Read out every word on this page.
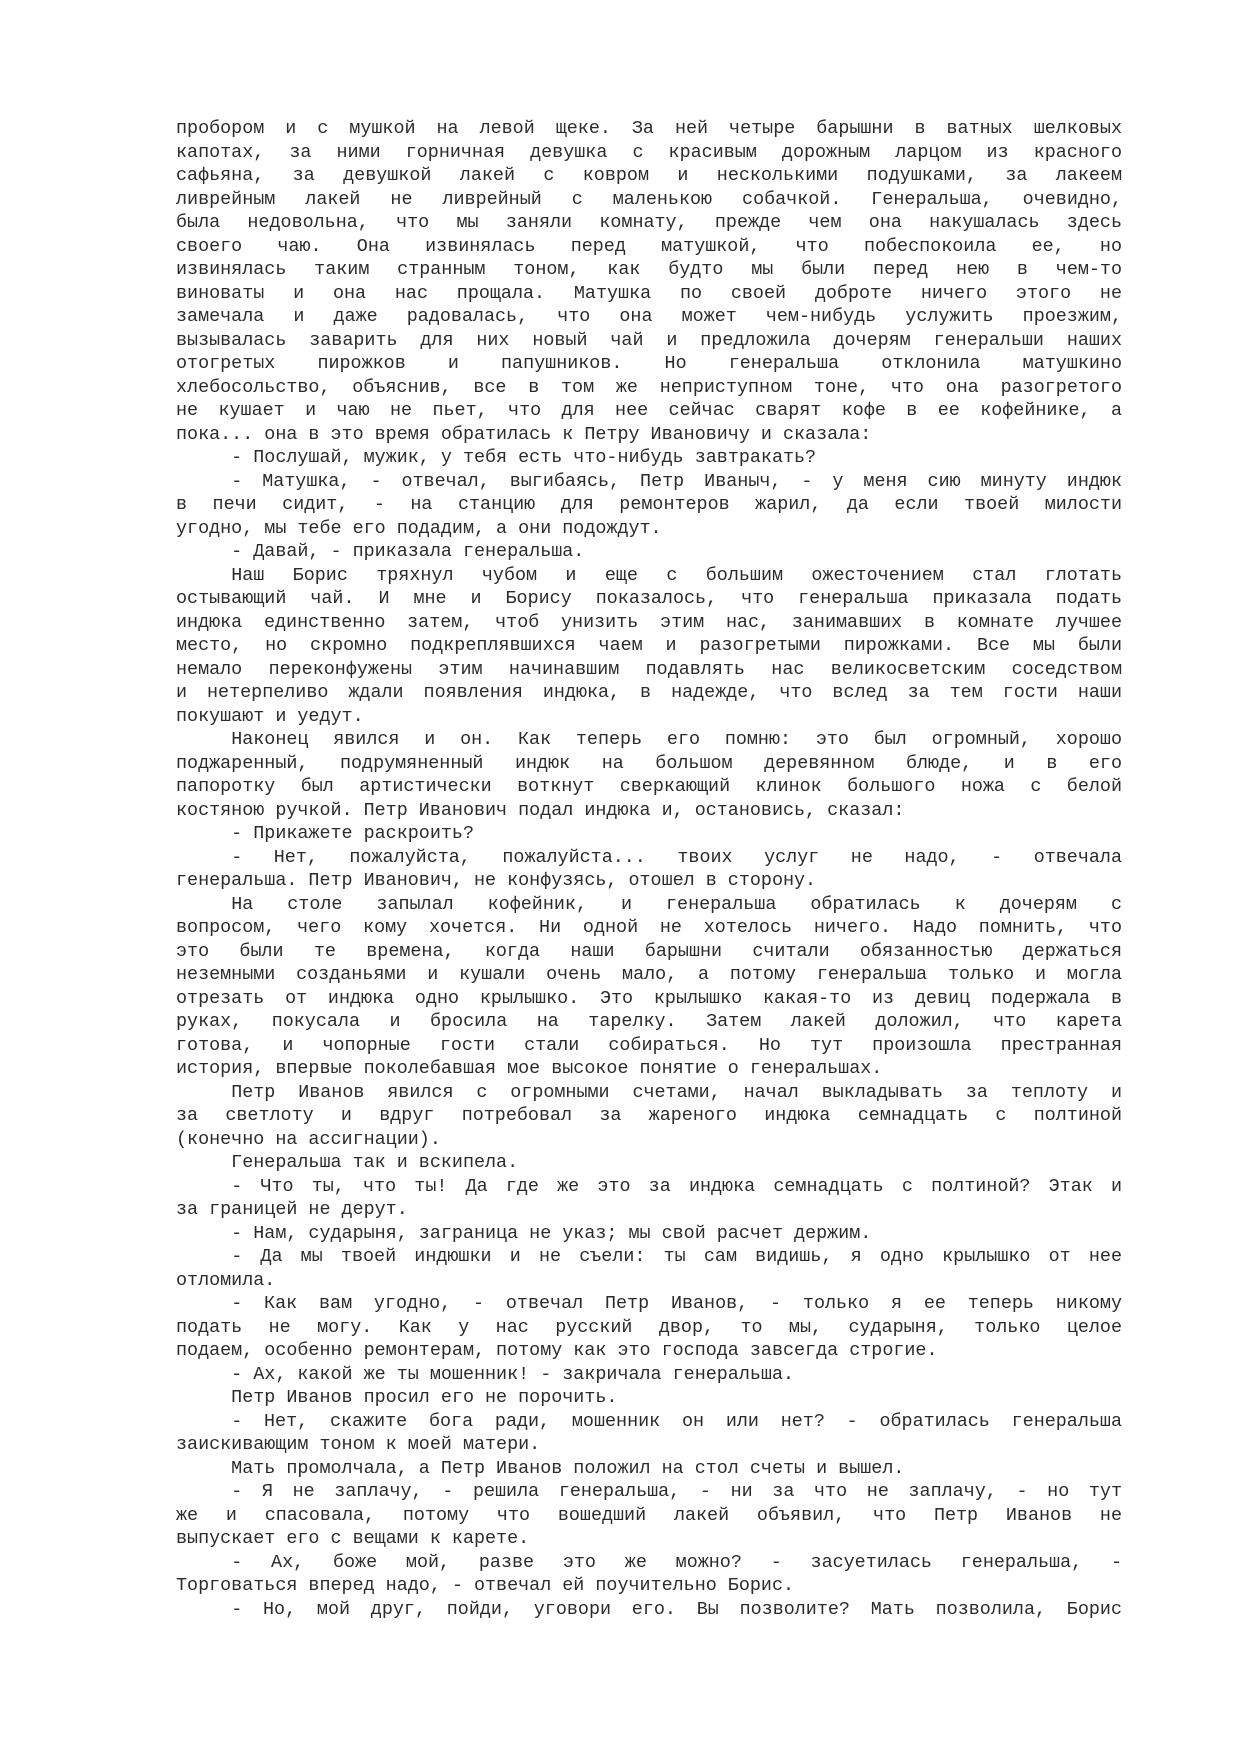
пробором и с мушкой на левой щеке. За ней четыре барышни в ватных шелковых
капотах, за ними горничная девушка с красивым дорожным ларцом из красного
сафьяна, за девушкой лакей с ковром и несколькими подушками, за лакеем
ливрейным лакей не ливрейный с маленькою собачкой. Генеральша, очевидно,
была недовольна, что мы заняли комнату, прежде чем она накушалась здесь
своего чаю. Она извинялась перед матушкой, что побеспокоила ее, но
извинялась таким странным тоном, как будто мы были перед нею в чем-то
виноваты и она нас прощала. Матушка по своей доброте ничего этого не
замечала и даже радовалась, что она может чем-нибудь услужить проезжим,
вызывалась заварить для них новый чай и предложила дочерям генеральши наших
отогретых пирожков и папушников. Но генеральша отклонила матушкино
хлебосольство, объяснив, все в том же неприступном тоне, что она разогретого
не кушает и чаю не пьет, что для нее сейчас сварят кофе в ее кофейнике, а
пока... она в это время обратилась к Петру Ивановичу и сказала:
- Послушай, мужик, у тебя есть что-нибудь завтракать?
- Матушка, - отвечал, выгибаясь, Петр Иваныч, - у меня сию минуту индюк
в печи сидит, - на станцию для ремонтеров жарил, да если твоей милости
угодно, мы тебе его подадим, а они подождут.
- Давай, - приказала генеральша.
Наш Борис тряхнул чубом и еще с большим ожесточением стал глотать
остывающий чай. И мне и Борису показалось, что генеральша приказала подать
индюка единственно затем, чтоб унизить этим нас, занимавших в комнате лучшее
место, но скромно подкреплявшихся чаем и разогретыми пирожками. Все мы были
немало переконфужены этим начинавшим подавлять нас великосветским соседством
и нетерпеливо ждали появления индюка, в надежде, что вслед за тем гости наши
покушают и уедут.
Наконец явился и он. Как теперь его помню: это был огромный, хорошо
поджаренный, подрумяненный индюк на большом деревянном блюде, и в его
папоротку был артистически воткнут сверкающий клинок большого ножа с белой
костяною ручкой. Петр Иванович подал индюка и, остановись, сказал:
- Прикажете раскроить?
- Нет, пожалуйста, пожалуйста... твоих услуг не надо, - отвечала
генеральша. Петр Иванович, не конфузясь, отошел в сторону.
На столе запылал кофейник, и генеральша обратилась к дочерям с
вопросом, чего кому хочется. Ни одной не хотелось ничего. Надо помнить, что
это были те времена, когда наши барышни считали обязанностью держаться
неземными созданьями и кушали очень мало, а потому генеральша только и могла
отрезать от индюка одно крылышко. Это крылышко какая-то из девиц подержала в
руках, покусала и бросила на тарелку. Затем лакей доложил, что карета
готова, и чопорные гости стали собираться. Но тут произошла престранная
история, впервые поколебавшая мое высокое понятие о генеральшах.
Петр Иванов явился с огромными счетами, начал выкладывать за теплоту и
за светлоту и вдруг потребовал за жареного индюка семнадцать с полтиной
(конечно на ассигнации).
Генеральша так и вскипела.
- Что ты, что ты! Да где же это за индюка семнадцать с полтиной? Этак и
за границей не дерут.
- Нам, сударыня, заграница не указ; мы свой расчет держим.
- Да мы твоей индюшки и не съели: ты сам видишь, я одно крылышко от нее
отломила.
- Как вам угодно, - отвечал Петр Иванов, - только я ее теперь никому
подать не могу. Как у нас русский двор, то мы, сударыня, только целое
подаем, особенно ремонтерам, потому как это господа завсегда строгие.
- Ах, какой же ты мошенник! - закричала генеральша.
Петр Иванов просил его не порочить.
- Нет, скажите бога ради, мошенник он или нет? - обратилась генеральша
заискивающим тоном к моей матери.
Мать промолчала, а Петр Иванов положил на стол счеты и вышел.
- Я не заплачу, - решила генеральша, - ни за что не заплачу, - но тут
же и спасовала, потому что вошедший лакей объявил, что Петр Иванов не
выпускает его с вещами к карете.
- Ах, боже мой, разве это же можно? - засуетилась генеральша, -
Торговаться вперед надо, - отвечал ей поучительно Борис.
- Но, мой друг, пойди, уговори его. Вы позволите? Мать позволила, Борис
